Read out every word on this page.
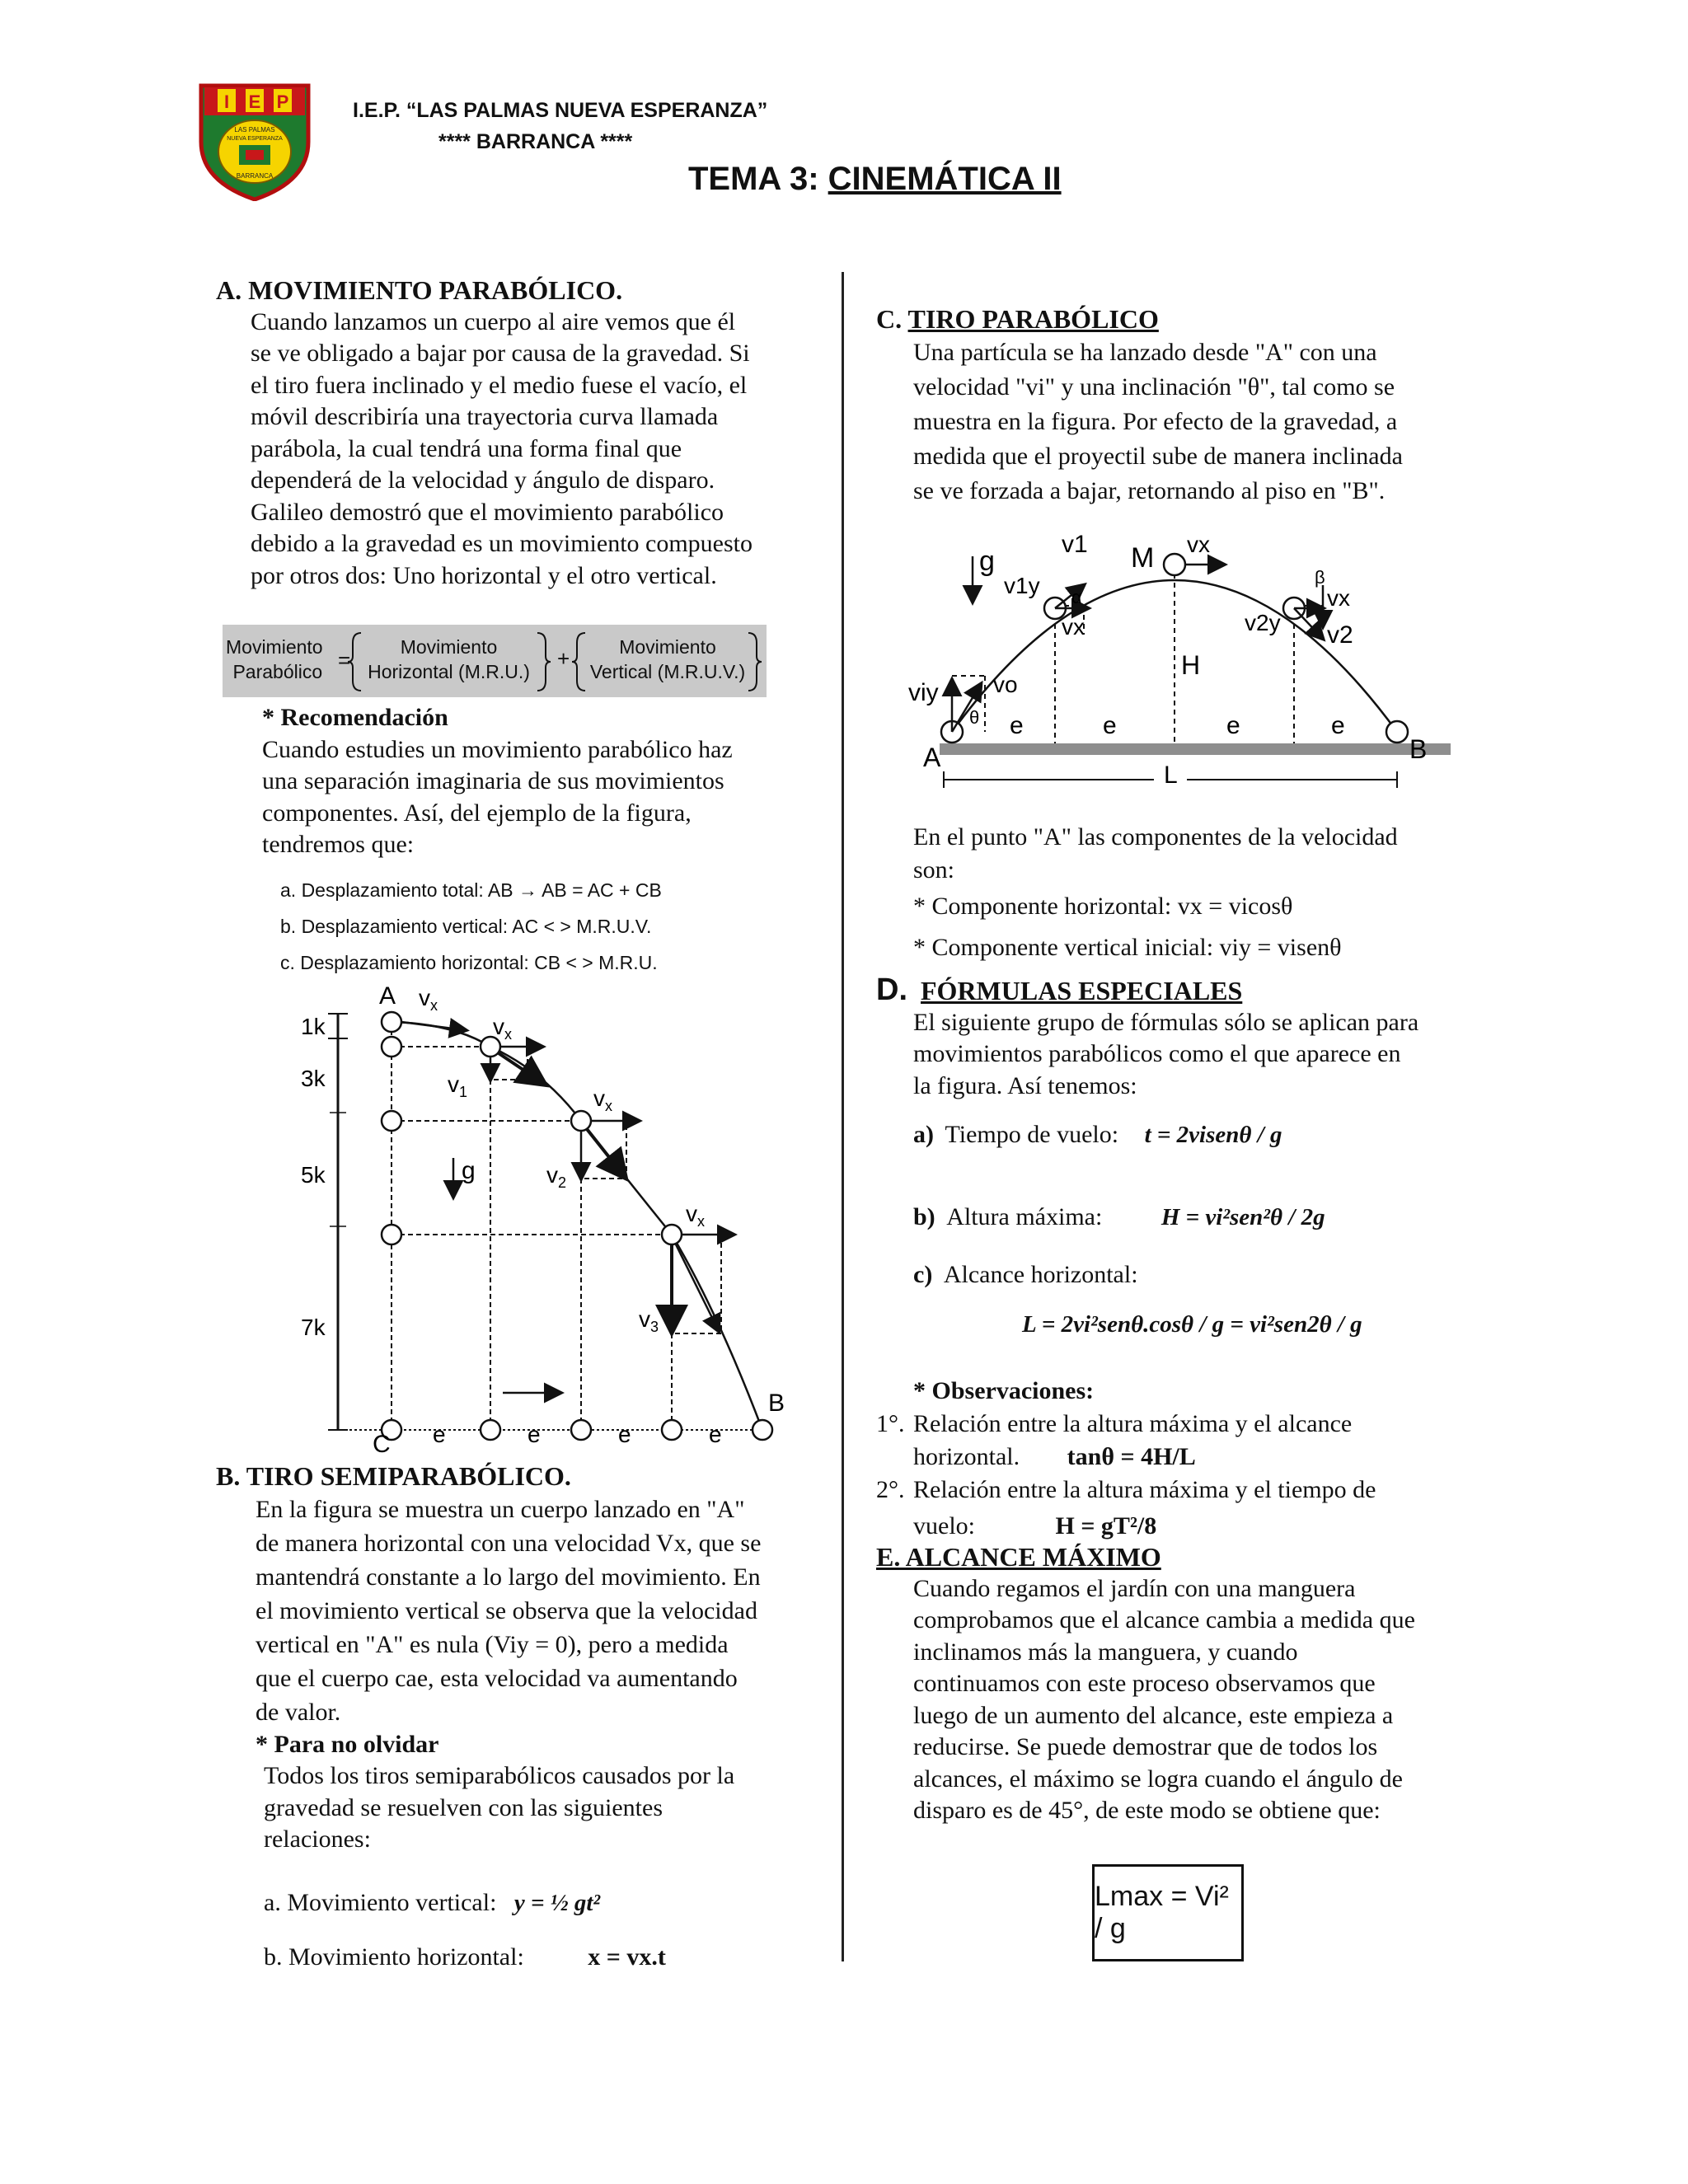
I E P
LAS PALMAS
NUEVA ESPERANZA
BARRANCA
I.E.P. “LAS PALMAS NUEVA ESPERANZA”
**** BARRANCA ****
TEMA 3: CINEMÁTICA II
A. MOVIMIENTO PARABÓLICO.
Cuando lanzamos un cuerpo al aire vemos que él
se ve obligado a bajar por causa de la gravedad. Si
el tiro fuera inclinado y el medio fuese el vacío, el
móvil describiría una trayectoria curva llamada
parábola, la cual tendrá una forma final que
dependerá de la velocidad y ángulo de disparo.
Galileo demostró que el movimiento parabólico
debido a la gravedad es un movimiento compuesto
por otros dos: Uno horizontal y el otro vertical.
Movimiento
Parabólico =
Movimiento
Horizontal (M.R.U.)
+	Movimiento
Vertical (M.R.U.V.)
* Recomendación
Cuando estudies un movimiento parabólico haz
una separación imaginaria de sus movimientos
componentes. Así, del ejemplo de la figura,
tendremos que:
a. Desplazamiento total: AB → AB = AC + CB
b. Desplazamiento vertical: AC < > M.R.U.V.
c. Desplazamiento horizontal: CB < > M.R.U.
1k
3k
5k
7k
A $v_x$
$v_x$
$v_1$	$v_x$
$v_2$
g
$v_x$
$v_3$
B
C e	e	e	e
B. TIRO SEMIPARABÓLICO.
En la figura se muestra un cuerpo lanzado en "A"
de manera horizontal con una velocidad Vx, que se
mantendrá constante a lo largo del movimiento. En
el movimiento vertical se observa que la velocidad
vertical en "A" es nula (Viy = 0), pero a medida
que el cuerpo cae, esta velocidad va aumentando
de valor.
* Para no olvidar
Todos los tiros semiparabólicos causados por la
gravedad se resuelven con las siguientes
relaciones:
a. Movimiento vertical: y = ½ gt²
b. Movimiento horizontal:	x = vx.t
C. TIRO PARABÓLICO
Una partícula se ha lanzado desde "A" con una
velocidad "vi" y una inclinación "θ", tal como se
muestra en la figura. Por efecto de la gravedad, a
medida que el proyectil sube de manera inclinada
se ve forzada a bajar, retornando al piso en "B".
g	M
A	B
H
L
α
β
θ
v1
v1y
vx
vx
vx
v2y v2
viy vo
e	e	e	e
En el punto "A" las componentes de la velocidad
son:
* Componente horizontal: vx = vicosθ
* Componente vertical inicial: viy = visenθ
D. FÓRMULAS ESPECIALES
El siguiente grupo de fórmulas sólo se aplican para
movimientos parabólicos como el que aparece en
la figura. Así tenemos:
a) Tiempo de vuelo: t = 2visenθ / g
b) Altura máxima: H = vi²sen²θ / 2g
c) Alcance horizontal:
L = 2vi²senθ.cosθ / g = vi²sen2θ / g
* Observaciones:
1°. Relación entre la altura máxima y el alcance
horizontal. tanθ = 4H/L
2°. Relación entre la altura máxima y el tiempo de
vuelo:	H = gT²/8
E. ALCANCE MÁXIMO
Cuando regamos el jardín con una manguera
comprobamos que el alcance cambia a medida que
inclinamos más la manguera, y cuando
continuamos con este proceso observamos que
luego de un aumento del alcance, este empieza a
reducirse. Se puede demostrar que de todos los
alcances, el máximo se logra cuando el ángulo de
disparo es de 45°, de este modo se obtiene que:
Lmax = Vi² / g
